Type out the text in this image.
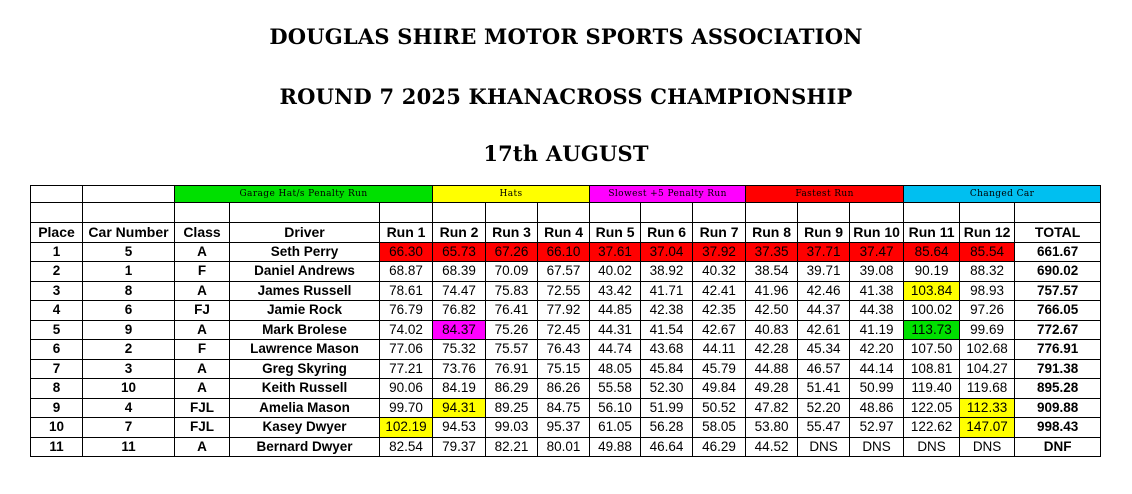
DOUGLAS SHIRE MOTOR SPORTS ASSOCIATION
ROUND 7 2025 KHANACROSS CHAMPIONSHIP
17th AUGUST
		Garage Hat/s Penalty Run			Hats			Slowest +5 Penalty Run			Fastest Run			Changed Car			

Place	Car Number	Class	Driver	Run 1	Run 2	Run 3	Run 4	Run 5	Run 6	Run 7	Run 8	Run 9	Run 10	Run 11	Run 12	TOTAL	
1	5	A	Seth Perry	66.30	65.73	67.26	66.10	37.61	37.04	37.92	37.35	37.71	37.47	85.64	85.54	661.67	
2	1	F	Daniel Andrews	68.87	68.39	70.09	67.57	40.02	38.92	40.32	38.54	39.71	39.08	90.19	88.32	690.02	
3	8	A	James Russell	78.61	74.47	75.83	72.55	43.42	41.71	42.41	41.96	42.46	41.38	103.84	98.93	757.57	
4	6	FJ	Jamie Rock	76.79	76.82	76.41	77.92	44.85	42.38	42.35	42.50	44.37	44.38	100.02	97.26	766.05	
5	9	A	Mark Brolese	74.02	84.37	75.26	72.45	44.31	41.54	42.67	40.83	42.61	41.19	113.73	99.69	772.67	
6	2	F	Lawrence Mason	77.06	75.32	75.57	76.43	44.74	43.68	44.11	42.28	45.34	42.20	107.50	102.68	776.91	
7	3	A	Greg Skyring	77.21	73.76	76.91	75.15	48.05	45.84	45.79	44.88	46.57	44.14	108.81	104.27	791.38	
8	10	A	Keith Russell	90.06	84.19	86.29	86.26	55.58	52.30	49.84	49.28	51.41	50.99	119.40	119.68	895.28	
9	4	FJL	Amelia Mason	99.70	94.31	89.25	84.75	56.10	51.99	50.52	47.82	52.20	48.86	122.05	112.33	909.88	
10	7	FJL	Kasey Dwyer	102.19	94.53	99.03	95.37	61.05	56.28	58.05	53.80	55.47	52.97	122.62	147.07	998.43	
11	11	A	Bernard Dwyer	82.54	79.37	82.21	80.01	49.88	46.64	46.29	44.52	DNS	DNS	DNS	DNS	DNF	
